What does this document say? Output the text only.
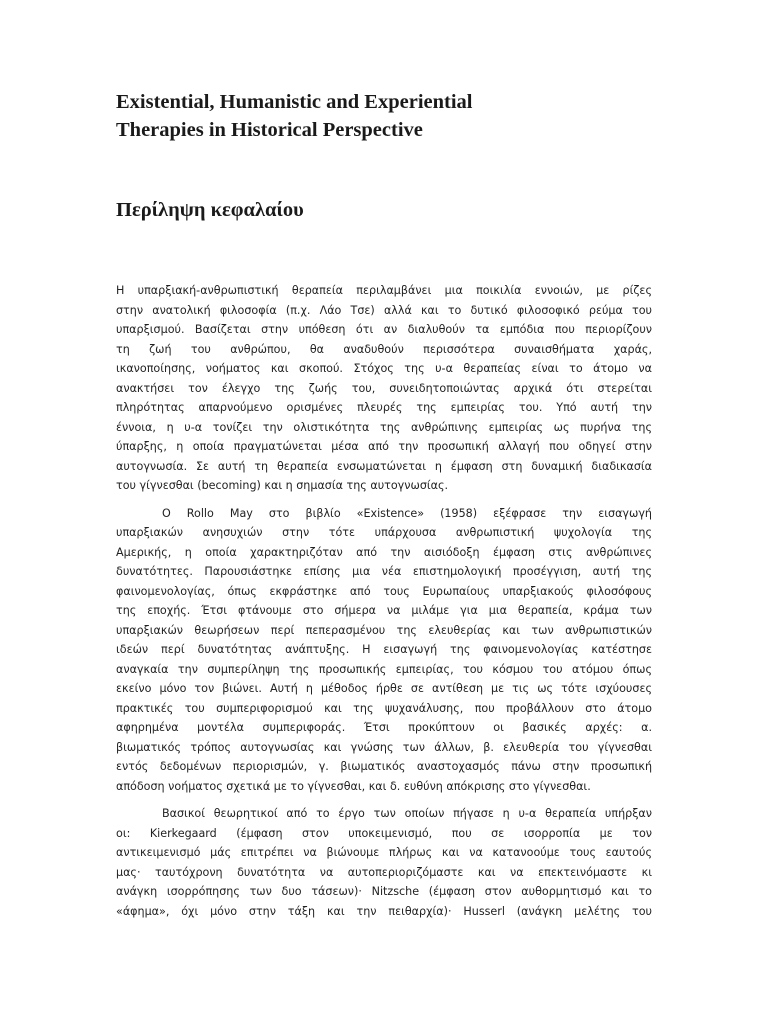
Existential, Humanistic and Experiential
Therapies in Historical Perspective
Περίληψη κεφαλαίου
Η υπαρξιακή-ανθρωπιστική θεραπεία περιλαμβάνει μια ποικιλία εννοιών, με ρίζες
στην ανατολική φιλοσοφία (π.χ. Λάο Τσε) αλλά και το δυτικό φιλοσοφικό ρεύμα του
υπαρξισμού. Βασίζεται στην υπόθεση ότι αν διαλυθούν τα εμπόδια που περιορίζουν
τη ζωή του ανθρώπου, θα αναδυθούν περισσότερα συναισθήματα χαράς,
ικανοποίησης, νοήματος και σκοπού. Στόχος της υ-α θεραπείας είναι το άτομο να
ανακτήσει τον έλεγχο της ζωής του, συνειδητοποιώντας αρχικά ότι στερείται
πληρότητας απαρνούμενο ορισμένες πλευρές της εμπειρίας του. Υπό αυτή την
έννοια, η υ-α τονίζει την ολιστικότητα της ανθρώπινης εμπειρίας ως πυρήνα της
ύπαρξης, η οποία πραγματώνεται μέσα από την προσωπική αλλαγή που οδηγεί στην
αυτογνωσία. Σε αυτή τη θεραπεία ενσωματώνεται η έμφαση στη δυναμική διαδικασία
του γίγνεσθαι (becoming) και η σημασία της αυτογνωσίας.
Ο Rollo May στο βιβλίο «Existence» (1958) εξέφρασε την εισαγωγή
υπαρξιακών ανησυχιών στην τότε υπάρχουσα ανθρωπιστική ψυχολογία της
Αμερικής, η οποία χαρακτηριζόταν από την αισιόδοξη έμφαση στις ανθρώπινες
δυνατότητες. Παρουσιάστηκε επίσης μια νέα επιστημολογική προσέγγιση, αυτή της
φαινομενολογίας, όπως εκφράστηκε από τους Ευρωπαίους υπαρξιακούς φιλοσόφους
της εποχής. Έτσι φτάνουμε στο σήμερα να μιλάμε για μια θεραπεία, κράμα των
υπαρξιακών θεωρήσεων περί πεπερασμένου της ελευθερίας και των ανθρωπιστικών
ιδεών περί δυνατότητας ανάπτυξης. Η εισαγωγή της φαινομενολογίας κατέστησε
αναγκαία την συμπερίληψη της προσωπικής εμπειρίας, του κόσμου του ατόμου όπως
εκείνο μόνο τον βιώνει. Αυτή η μέθοδος ήρθε σε αντίθεση με τις ως τότε ισχύουσες
πρακτικές του συμπεριφορισμού και της ψυχανάλυσης, που προβάλλουν στο άτομο
αφηρημένα μοντέλα συμπεριφοράς. Έτσι προκύπτουν οι βασικές αρχές: α.
βιωματικός τρόπος αυτογνωσίας και γνώσης των άλλων, β. ελευθερία του γίγνεσθαι
εντός δεδομένων περιορισμών, γ. βιωματικός αναστοχασμός πάνω στην προσωπική
απόδοση νοήματος σχετικά με το γίγνεσθαι, και δ. ευθύνη απόκρισης στο γίγνεσθαι.
Βασικοί θεωρητικοί από το έργο των οποίων πήγασε η υ-α θεραπεία υπήρξαν
οι: Kierkegaard (έμφαση στον υποκειμενισμό, που σε ισορροπία με τον
αντικειμενισμό μάς επιτρέπει να βιώνουμε πλήρως και να κατανοούμε τους εαυτούς
μας· ταυτόχρονη δυνατότητα να αυτοπεριοριζόμαστε και να επεκτεινόμαστε κι
ανάγκη ισορρόπησης των δυο τάσεων)· Nitzsche (έμφαση στον αυθορμητισμό και το
«άφημα», όχι μόνο στην τάξη και την πειθαρχία)· Husserl (ανάγκη μελέτης του
